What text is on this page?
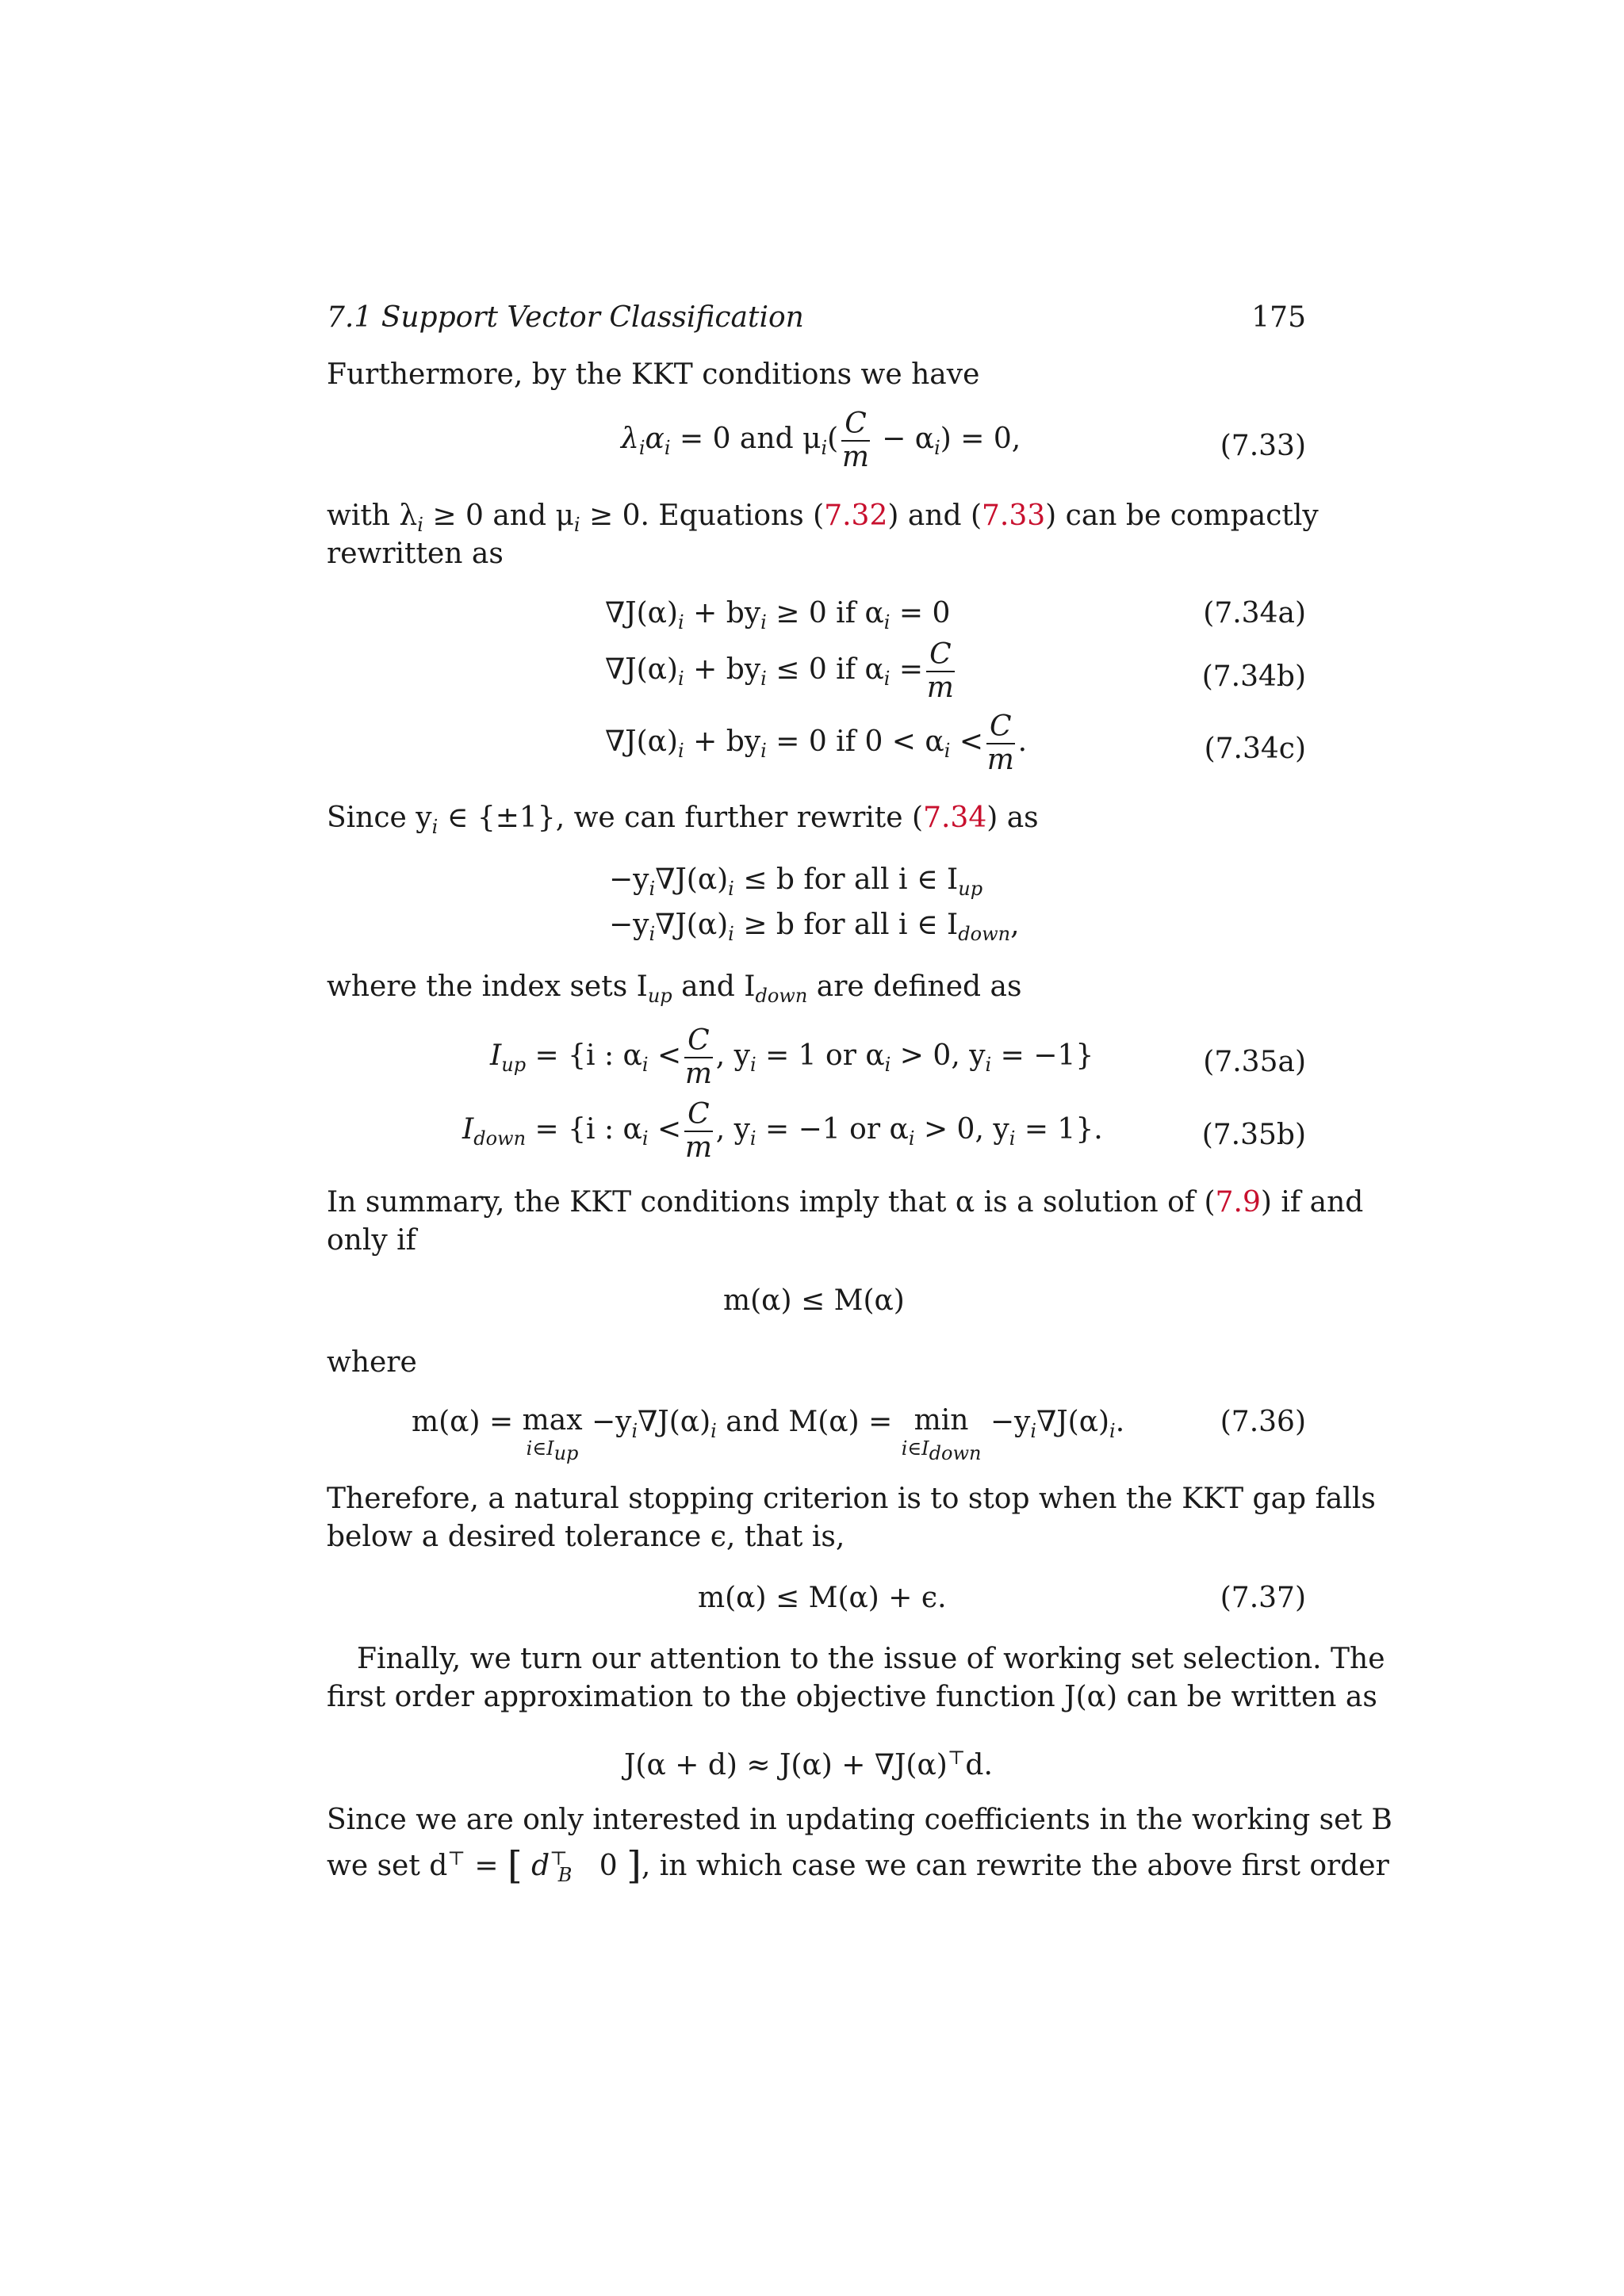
7.1 Support Vector Classification	175
Furthermore, by the KKT conditions we have
$\lambda_i\alpha_i = 0$ and $\mu_i( \frac{C}{m} - \alpha_i) = 0$,	(7.33)
with $\lambda_i \ge 0$ and $\mu_i \ge 0$. Equations (7.32) and (7.33) can be compactly
rewritten as
$\nabla J(\alpha)_i + by_i \ge 0$ if $\alpha_i = 0$	(7.34a)
$\nabla J(\alpha)_i + by_i \le 0$ if $\alpha_i = \frac{C}{m}$	(7.34b)
$\nabla J(\alpha)_i + by_i = 0$ if $0 < \alpha_i < \frac{C}{m}$ .	(7.34c)
Since $y_i$ ∈ {±1}, we can further rewrite (7.34) as
$-y_i\nabla J(\alpha)_i \le b$ for all i ∈ $I_{up}$
$-y_i\nabla J(\alpha)_i \ge b$ for all i ∈ $I_{down}$,
where the index sets $I_{up}$ and $I_{down}$ are defined as
$I_{up} = \{i$ : $\alpha_i < \frac{C}{m}$ , $y_i = 1$ or $\alpha_i > 0$, $y_i = -1$}	(7.35a)
$I_{down} = \{i$ : $\alpha_i < \frac{C}{m}$ , $y_i = -1$ or $\alpha_i > 0$, $y_i = 1$}.	(7.35b)
In summary, the KKT conditions imply that α is a solution of (7.9) if and
only if
m(α) ≤ M(α)
where
m(α) = max
$i\in I_{up}$
$-y_i\nabla J(\alpha)_i$ and M(α) = min
$i\in I_{down}$
$-y_i\nabla J(\alpha)_i$.	(7.36)
Therefore, a natural stopping criterion is to stop when the KKT gap falls
below a desired tolerance ϵ, that is,
m(α) ≤ M(α) + ϵ.	(7.37)
Finally, we turn our attention to the issue of working set selection. The
first order approximation to the objective function J(α) can be written as
J(α + d) ≈ J(α) + ∇J(α)⊤d.
Since we are only interested in updating coefficients in the working set B
we set d⊤ = [ $d^⊤_B$ 0 ], in which case we can rewrite the above first order
